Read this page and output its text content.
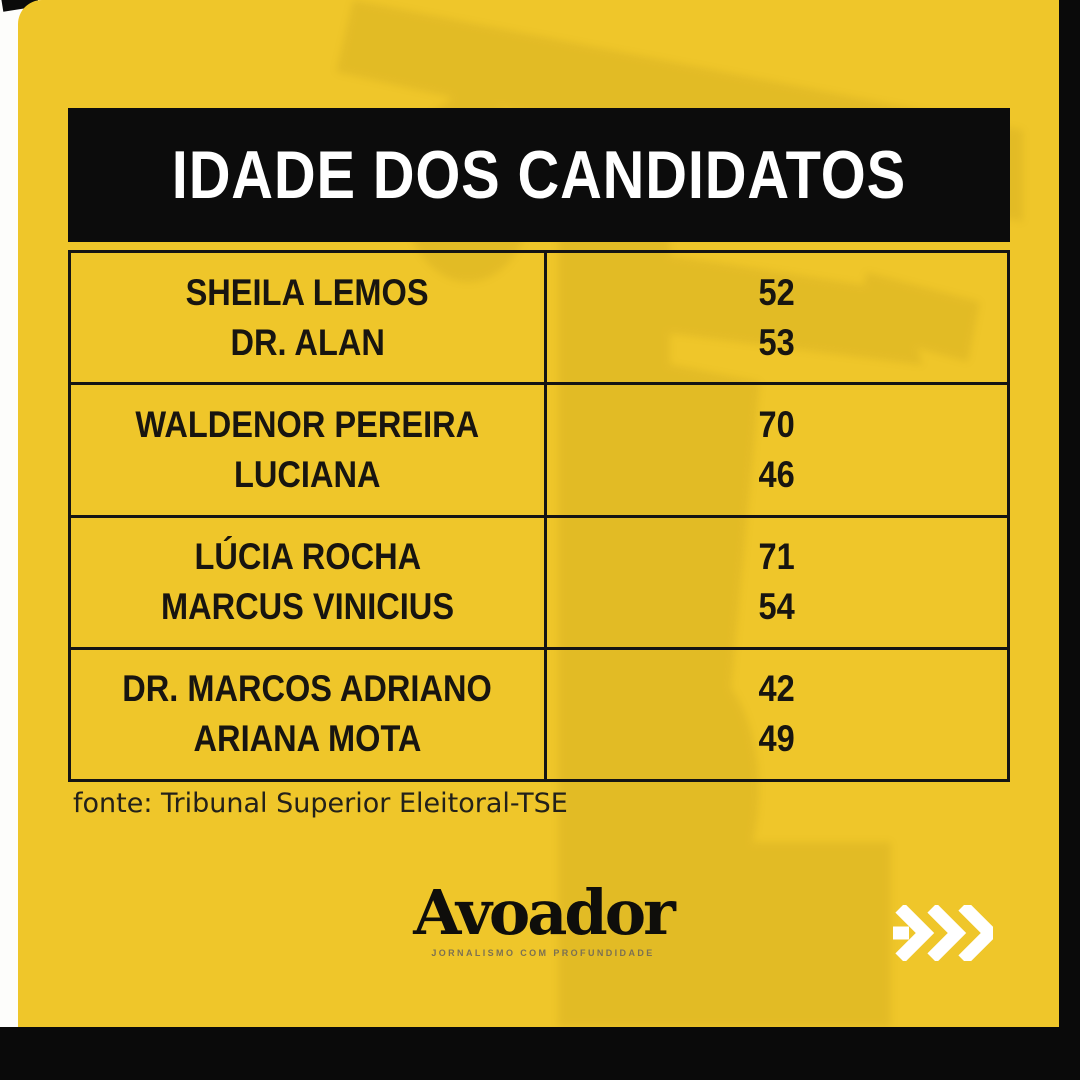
IDADE DOS CANDIDATOS
SHEILA LEMOS
DR. ALAN
52
53
WALDENOR PEREIRA
LUCIANA
70
46
LÚCIA ROCHA
MARCUS VINICIUS
71
54
DR. MARCOS ADRIANO
ARIANA MOTA
42
49
fonte: Tribunal Superior Eleitoral-TSE
Avoador
JORNALISMO COM PROFUNDIDADE
